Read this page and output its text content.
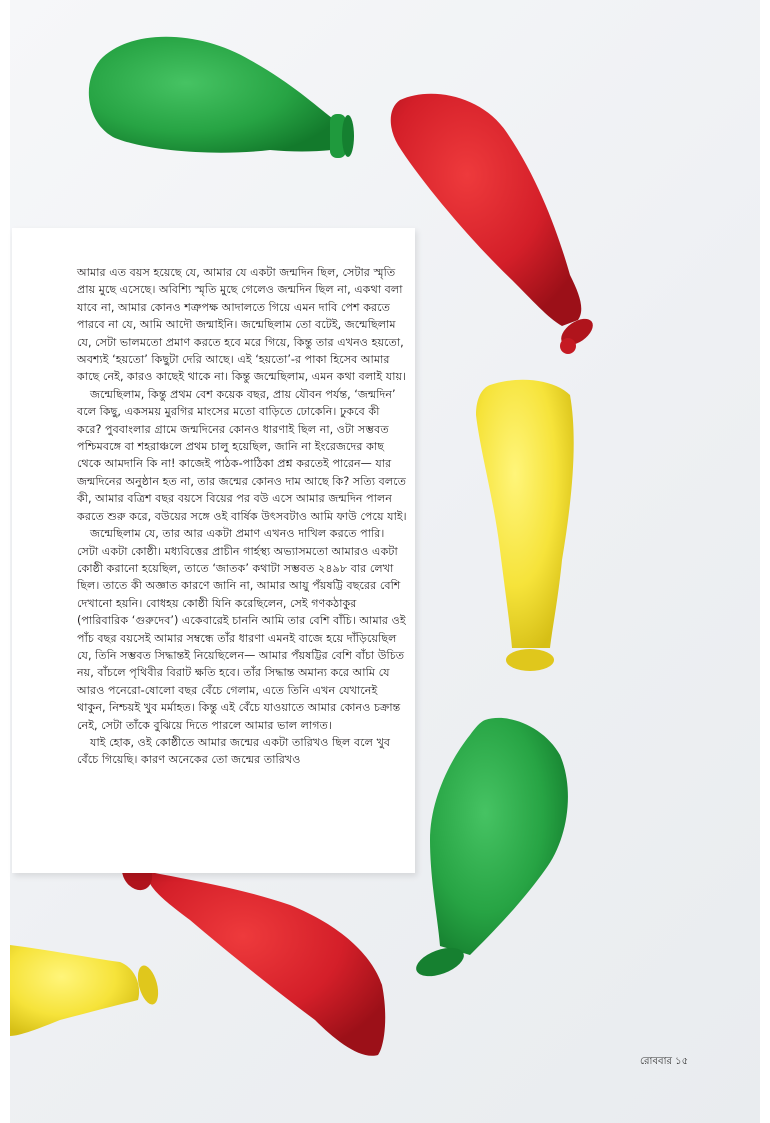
আমার এত বয়স হয়েছে যে, আমার যে একটা জন্মদিন ছিল, সেটার স্মৃতি প্রায় মুছে এসেছে। অবিশ্যি স্মৃতি মুছে গেলেও জন্মদিন ছিল না, একথা বলা যাবে না, আমার কোনও শত্রুপক্ষ আদালতে গিয়ে এমন দাবি পেশ করতে পারবে না যে, আমি আদৌ জন্মাইনি। জন্মেছিলাম তো বটেই, জন্মেছিলাম যে, সেটা ভালমতো প্রমাণ করতে হবে মরে গিয়ে, কিন্তু তার এখনও হয়তো, অবশ্যই ‘হয়তো’ কিছুটা দেরি আছে। এই ‘হয়তো’-র পাকা হিসেব আমার কাছে নেই, কারও কাছেই থাকে না। কিন্তু জন্মেছিলাম, এমন কথা বলাই যায়।

জন্মেছিলাম, কিন্তু প্রথম বেশ কয়েক বছর, প্রায় যৌবন পর্যন্ত, ‘জন্মদিন’ বলে কিছু, একসময় মুরগির মাংসের মতো বাড়িতে ঢোকেনি। ঢুকবে কী করে? পুববাংলার গ্রামে জন্মদিনের কোনও ধারণাই ছিল না, ওটা সম্ভবত পশ্চিমবঙ্গে বা শহরাঞ্চলে প্রথম চালু হয়েছিল, জানি না ইংরেজদের কাছ থেকে আমদানি কি না! কাজেই পাঠক-পাঠিকা প্রশ্ন করতেই পারেন— যার জন্মদিনের অনুষ্ঠান হত না, তার জন্মের কোনও দাম আছে কি? সত্যি বলতে কী, আমার বত্রিশ বছর বয়সে বিয়ের পর বউ এসে আমার জন্মদিন পালন করতে শুরু করে, বউয়ের সঙ্গে ওই বার্ষিক উৎসবটাও আমি ফাউ পেয়ে যাই।

জন্মেছিলাম যে, তার আর একটা প্রমাণ এখনও দাখিল করতে পারি। সেটা একটা কোষ্ঠী। মধ্যবিত্তের প্রাচীন গার্হস্থ্য অভ্যাসমতো আমারও একটা কোষ্ঠী করানো হয়েছিল, তাতে ‘জাতক’ কথাটা সম্ভবত ২৪৯৮ বার লেখা ছিল। তাতে কী অজ্ঞাত কারণে জানি না, আমার আয়ু পঁয়ষট্টি বছরের বেশি দেখানো হয়নি। বোধহয় কোষ্ঠী যিনি করেছিলেন, সেই গণকঠাকুর (পারিবারিক ‘গুরুদেব’) একেবারেই চাননি আমি তার বেশি বাঁচি। আমার ওই পাঁচ বছর বয়সেই আমার সম্বন্ধে তাঁর ধারণা এমনই বাজে হয়ে দাঁড়িয়েছিল যে, তিনি সম্ভবত সিদ্ধান্তই নিয়েছিলেন— আমার পঁয়ষট্টির বেশি বাঁচা উচিত নয়, বাঁচলে পৃথিবীর বিরাট ক্ষতি হবে। তাঁর সিদ্ধান্ত অমান্য করে আমি যে আরও পনেরো-ষোলো বছর বেঁচে গেলাম, এতে তিনি এখন যেখানেই থাকুন, নিশ্চয়ই খুব মর্মাহত। কিন্তু এই বেঁচে যাওয়াতে আমার কোনও চক্রান্ত নেই, সেটা তাঁকে বুঝিয়ে দিতে পারলে আমার ভাল লাগত।

যাই হোক, ওই কোষ্ঠীতে আমার জন্মের একটা তারিখও ছিল বলে খুব বেঁচে গিয়েছি। কারণ অনেকের তো জন্মের তারিখও

রোববার ১৫
